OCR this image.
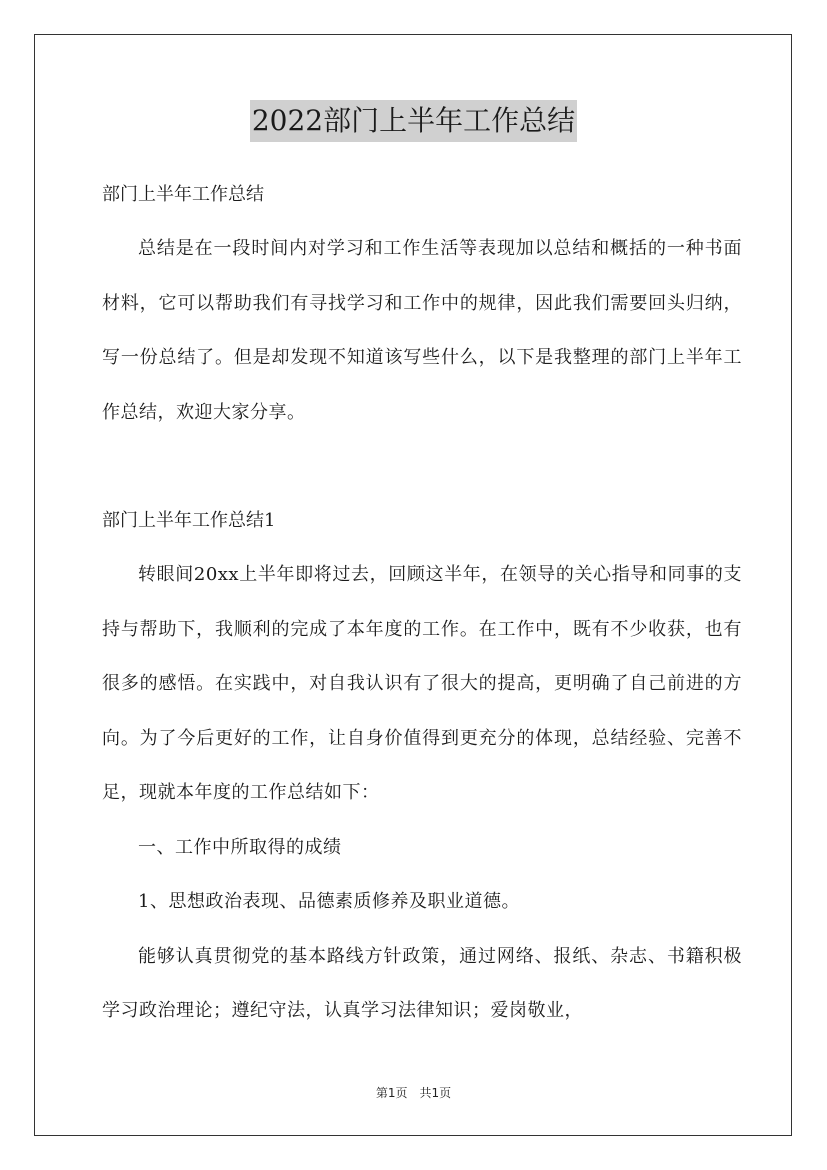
2022部门上半年工作总结

部门上半年工作总结

总结是在一段时间内对学习和工作生活等表现加以总结和概括的一种书面材料，它可以帮助我们有寻找学习和工作中的规律，因此我们需要回头归纳，写一份总结了。但是却发现不知道该写些什么，以下是我整理的部门上半年工作总结，欢迎大家分享。

部门上半年工作总结1

转眼间20xx上半年即将过去，回顾这半年，在领导的关心指导和同事的支持与帮助下，我顺利的完成了本年度的工作。在工作中，既有不少收获，也有很多的感悟。在实践中，对自我认识有了很大的提高，更明确了自己前进的方向。为了今后更好的工作，让自身价值得到更充分的体现，总结经验、完善不足，现就本年度的工作总结如下：

一、工作中所取得的成绩

1、思想政治表现、品德素质修养及职业道德。

能够认真贯彻党的基本路线方针政策，通过网络、报纸、杂志、书籍积极学习政治理论；遵纪守法，认真学习法律知识；爱岗敬业，

第1页　共1页
